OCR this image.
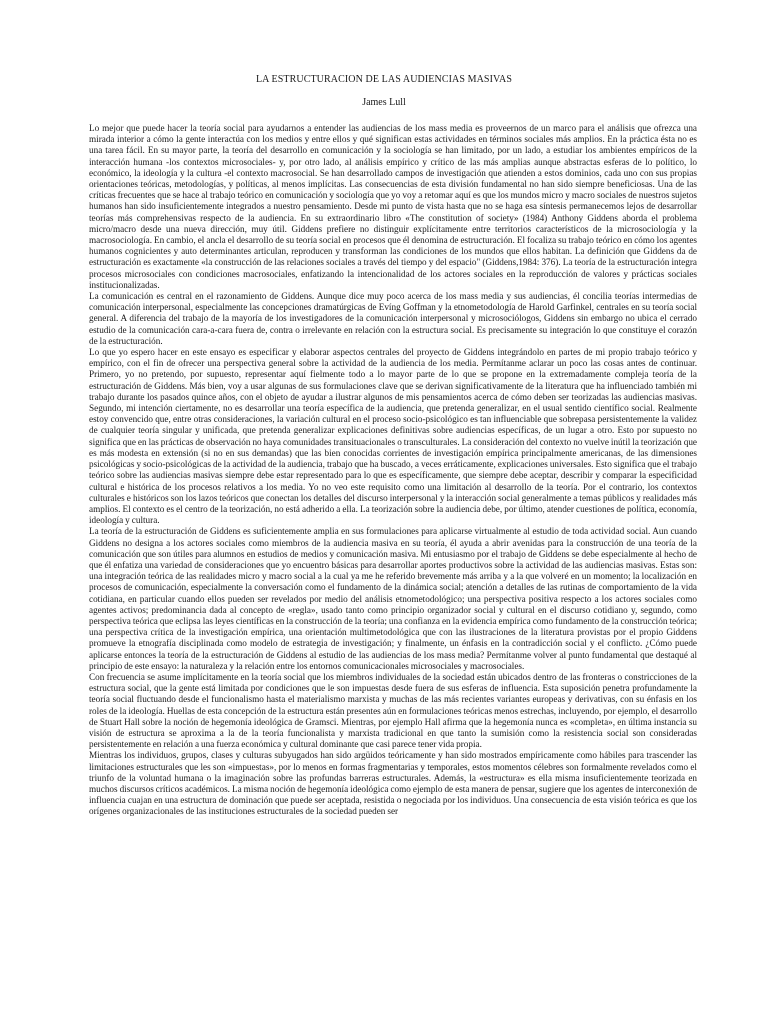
LA ESTRUCTURACION DE LAS AUDIENCIAS MASIVAS
James Lull

Lo mejor que puede hacer la teoría social para ayudarnos a entender las audiencias de los mass media es proveernos de un marco para el análisis que ofrezca una mirada interior a cómo la gente interactúa con los medios y entre ellos y qué significan estas actividades en términos sociales más amplios. En la práctica ésta no es una tarea fácil. En su mayor parte, la teoría del desarrollo en comunicación y la sociología se han limitado, por un lado, a estudiar los ambientes empíricos de la interacción humana -los contextos microsociales- y, por otro lado, al análisis empírico y crítico de las más amplias aunque abstractas esferas de lo político, lo económico, la ideología y la cultura -el contexto macrosocial. Se han desarrollado campos de investigación que atienden a estos dominios, cada uno con sus propias orientaciones teóricas, metodologías, y políticas, al menos implícitas. Las consecuencias de esta división fundamental no han sido siempre beneficiosas. Una de las críticas frecuentes que se hace al trabajo teórico en comunicación y sociología que yo voy a retomar aquí es que los mundos micro y macro sociales de nuestros sujetos humanos han sido insuficientemente integrados a nuestro pensamiento. Desde mi punto de vista hasta que no se haga esa síntesis permanecemos lejos de desarrollar teorías más comprehensivas respecto de la audiencia. En su extraordinario libro «The constitution of society» (1984) Anthony Giddens aborda el problema micro/macro desde una nueva dirección, muy útil. Giddens prefiere no distinguir explícitamente entre territorios característicos de la microsociología y la macrosociología. En cambio, el ancla el desarrollo de su teoría social en procesos que él denomina de estructuración. El focaliza su trabajo teórico en cómo los agentes humanos cognicientes y auto determinantes articulan, reproducen y transforman las condiciones de los mundos que ellos habitan. La definición que Giddens da de estructuración es exactamente «la construcción de las relaciones sociales a través del tiempo y del espacio" (Giddens,1984: 376). La teoría de la estructuración integra procesos microsociales con condiciones macrosociales, enfatizando la intencionalidad de los actores sociales en la reproducción de valores y prácticas sociales institucionalizadas.

La comunicación es central en el razonamiento de Giddens. Aunque dice muy poco acerca de los mass media y sus audiencias, él concilia teorías intermedias de comunicación interpersonal, especialmente las concepciones dramatúrgicas de Evíng Goffman y la etnometodología de Harold Garfinkel, centrales en su teoría social general. A diferencia del trabajo de la mayoría de los investigadores de la comunicación interpersonal y microsociólogos, Giddens sin embargo no ubica el cerrado estudio de la comunicación cara-a-cara fuera de, contra o irrelevante en relación con la estructura social. Es precisamente su integración lo que constituye el corazón de la estructuración.

Lo que yo espero hacer en este ensayo es especificar y elaborar aspectos centrales del proyecto de Giddens integrándolo en partes de mi propio trabajo teórico y empírico, con el fin de ofrecer una perspectiva general sobre la actividad de la audiencia de los media. Permítanme aclarar un poco las cosas antes de continuar. Primero, yo no pretendo, por supuesto, representar aquí fielmente todo a lo mayor parte de lo que se propone en la extremadamente compleja teoría de la estructuración de Giddens. Más bien, voy a usar algunas de sus formulaciones clave que se derivan significativamente de la literatura que ha influenciado también mi trabajo durante los pasados quince años, con el objeto de ayudar a ilustrar algunos de mis pensamientos acerca de cómo deben ser teorizadas las audiencias masivas. Segundo, mi intención ciertamente, no es desarrollar una teoría específica de la audiencia, que pretenda generalizar, en el usual sentido científico social. Realmente estoy convencido que, entre otras consideraciones, la variación cultural en el proceso socio-psicológico es tan influenciable que sobrepasa persistentemente la validez de cualquier teoría singular y unificada, que pretenda generalizar explicaciones definitivas sobre audiencias específicas, de un lugar a otro. Esto por supuesto no significa que en las prácticas de observación no haya comunidades transituacionales o transculturales. La consideración del contexto no vuelve inútil la teorización que es más modesta en extensión (si no en sus demandas) que las bien conocidas corrientes de investigación empírica principalmente americanas, de las dimensiones psicológicas y socio-psicológicas de la actividad de la audiencia, trabajo que ha buscado, a veces erráticamente, explicaciones universales. Esto significa que el trabajo teórico sobre las audiencias masivas siempre debe estar representado para lo que es específicamente, que siempre debe aceptar, describir y comparar la especificidad cultural e histórica de los procesos relativos a los media. Yo no veo este requisito como una limitación al desarrollo de la teoría. Por el contrario, los contextos culturales e históricos son los lazos teóricos que conectan los detalles del discurso interpersonal y la interacción social generalmente a temas públicos y realidades más amplios. El contexto es el centro de la teorización, no está adherido a ella. La teorización sobre la audiencia debe, por último, atender cuestiones de política, economía, ideología y cultura.

La teoría de la estructuración de Giddens es suficientemente amplia en sus formulaciones para aplicarse virtualmente al estudio de toda actividad social. Aun cuando Giddens no designa a los actores sociales como miembros de la audiencia masiva en su teoría, él ayuda a abrir avenidas para la construcción de una teoría de la comunicación que son útiles para alumnos en estudios de medios y comunicación masiva. Mi entusiasmo por el trabajo de Giddens se debe especialmente al hecho de que él enfatiza una variedad de consideraciones que yo encuentro básicas para desarrollar aportes productivos sobre la actividad de las audiencias masivas. Estas son: una integración teórica de las realidades micro y macro social a la cual ya me he referido brevemente más arriba y a la que volveré en un momento; la localización en procesos de comunicación, especialmente la conversación como el fundamento de la dinámica social; atención a detalles de las rutinas de comportamiento de la vida cotidiana, en particular cuando ellos pueden ser revelados por medio del análisis etnometodológico; una perspectiva positiva respecto a los actores sociales como agentes activos; predominancia dada al concepto de «regla», usado tanto como principio organizador social y cultural en el discurso cotidiano y, segundo, como perspectiva teórica que eclipsa las leyes científicas en la construcción de la teoría; una confianza en la evidencia empírica como fundamento de la construcción teórica; una perspectiva crítica de la investigación empírica, una orientación multimetodológica que con las ilustraciones de la literatura provistas por el propio Giddens promueve la etnografía disciplinada como modelo de estrategia de investigación; y finalmente, un énfasis en la contradicción social y el conflicto. ¿Cómo puede aplicarse entonces la teoría de la estructuración de Giddens al estudio de las audiencias de los mass media? Permítanme volver al punto fundamental que destaqué al principio de este ensayo: la naturaleza y la relación entre los entornos comunicacionales microsociales y macrosociales.

Con frecuencia se asume implícitamente en la teoría social que los miembros individuales de la sociedad están ubicados dentro de las fronteras o constricciones de la estructura social, que la gente está limitada por condiciones que le son impuestas desde fuera de sus esferas de influencia. Esta suposición penetra profundamente la teoría social fluctuando desde el funcionalismo hasta el materialismo marxista y muchas de las más recientes variantes europeas y derivativas, con su énfasis en los roles de la ideología. Huellas de esta concepción de la estructura están presentes aún en formulaciones teóricas menos estrechas, incluyendo, por ejemplo, el desarrollo de Stuart Hall sobre la noción de hegemonía ideológica de Gramsci. Mientras, por ejemplo Hall afirma que la hegemonía nunca es «completa», en última instancia su visión de estructura se aproxima a la de la teoría funcionalista y marxista tradicional en que tanto la sumisión como la resistencia social son consideradas persistentemente en relación a una fuerza económica y cultural dominante que casi parece tener vida propia.

Mientras los individuos, grupos, clases y culturas subyugados han sido argüidos teóricamente y han sido mostrados empíricamente como hábiles para trascender las limitaciones estructurales que les son «impuestas», por lo menos en formas fragmentarias y temporales, estos momentos célebres son formalmente revelados como el triunfo de la voluntad humana o la imaginación sobre las profundas barreras estructurales. Además, la «estructura» es ella misma insuficientemente teorizada en muchos discursos críticos académicos. La misma noción de hegemonía ideológica como ejemplo de esta manera de pensar, sugiere que los agentes de interconexión de influencia cuajan en una estructura de dominación que puede ser aceptada, resistida o negociada por los individuos. Una consecuencia de esta visión teórica es que los orígenes organizacionales de las instituciones estructurales de la sociedad pueden ser
